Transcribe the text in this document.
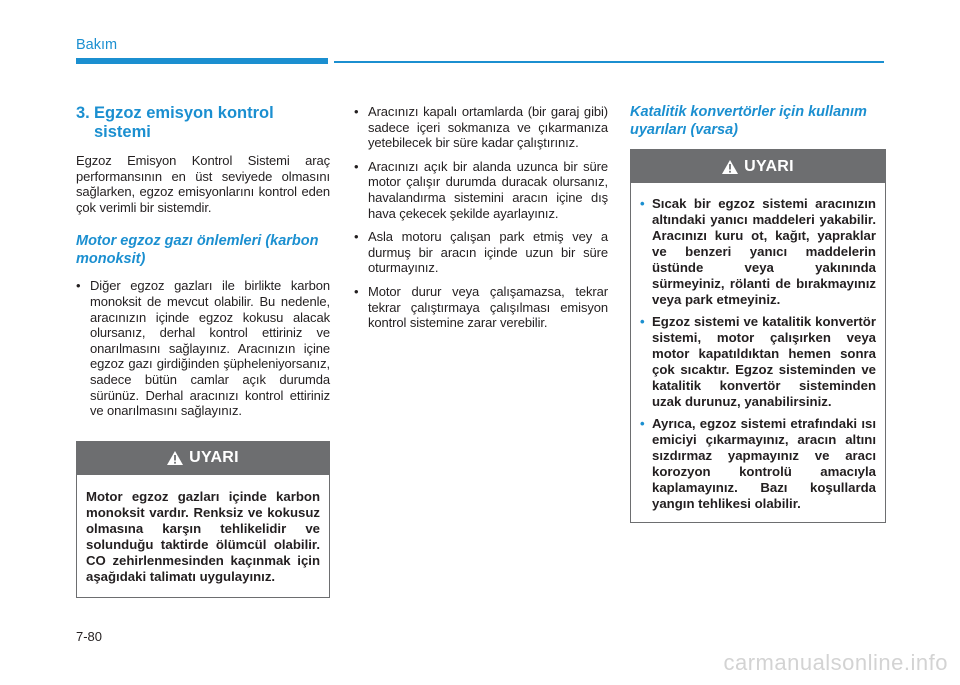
Bakım
3. Egzoz emisyon kontrol sistemi

Egzoz Emisyon Kontrol Sistemi araç performansının en üst seviyede olmasını sağlarken, egzoz emisyonlarını kontrol eden çok verimli bir sistemdir.

Motor egzoz gazı önlemleri (karbon monoksit)
• Diğer egzoz gazları ile birlikte karbon monoksit de mevcut olabilir. Bu nedenle, aracınızın içinde egzoz kokusu alacak olursanız, derhal kontrol ettiriniz ve onarılmasını sağlayınız. Aracınızın içine egzoz gazı girdiğinden şüpheleniyorsanız, sadece bütün camlar açık durumda sürünüz. Derhal aracınızı kontrol ettiriniz ve onarılmasını sağlayınız.
UYARI

Motor egzoz gazları içinde karbon monoksit vardır. Renksiz ve kokusuz olmasına karşın tehlikelidir ve solunduğu taktirde ölümcül olabilir. CO zehirlenmesinden kaçınmak için aşağıdaki talimatı uygulayınız.

• Aracınızı kapalı ortamlarda (bir garaj gibi) sadece içeri sokmanıza ve çıkarmanıza yetebilecek bir süre kadar çalıştırınız.
• Aracınızı açık bir alanda uzunca bir süre motor çalışır durumda duracak olursanız, havalandırma sistemini aracın içine dış hava çekecek şekilde ayarlayınız.
• Asla motoru çalışan park etmiş vey a durmuş bir aracın içinde uzun bir süre oturmayınız.
• Motor durur veya çalışamazsa, tekrar tekrar çalıştırmaya çalışılması emisyon kontrol sistemine zarar verebilir.
Katalitik konvertörler için kullanım uyarıları (varsa)
UYARI
• Sıcak bir egzoz sistemi aracınızın altındaki yanıcı maddeleri yakabilir. Aracınızı kuru ot, kağıt, yapraklar ve benzeri yanıcı maddelerin üstünde veya yakınında sürmeyiniz, rölanti de bırakmayınız veya park etmeyiniz.
• Egzoz sistemi ve katalitik konvertör sistemi, motor çalışırken veya motor kapatıldıktan hemen sonra çok sıcaktır. Egzoz sisteminden ve katalitik konvertör sisteminden uzak durunuz, yanabilirsiniz.
• Ayrıca, egzoz sistemi etrafındaki ısı emiciyi çıkarmayınız, aracın altını sızdırmaz yapmayınız ve aracı korozyon kontrolü amacıyla kaplamayınız. Bazı koşullarda yangın tehlikesi olabilir.
7-80
carmanualsonline.info
